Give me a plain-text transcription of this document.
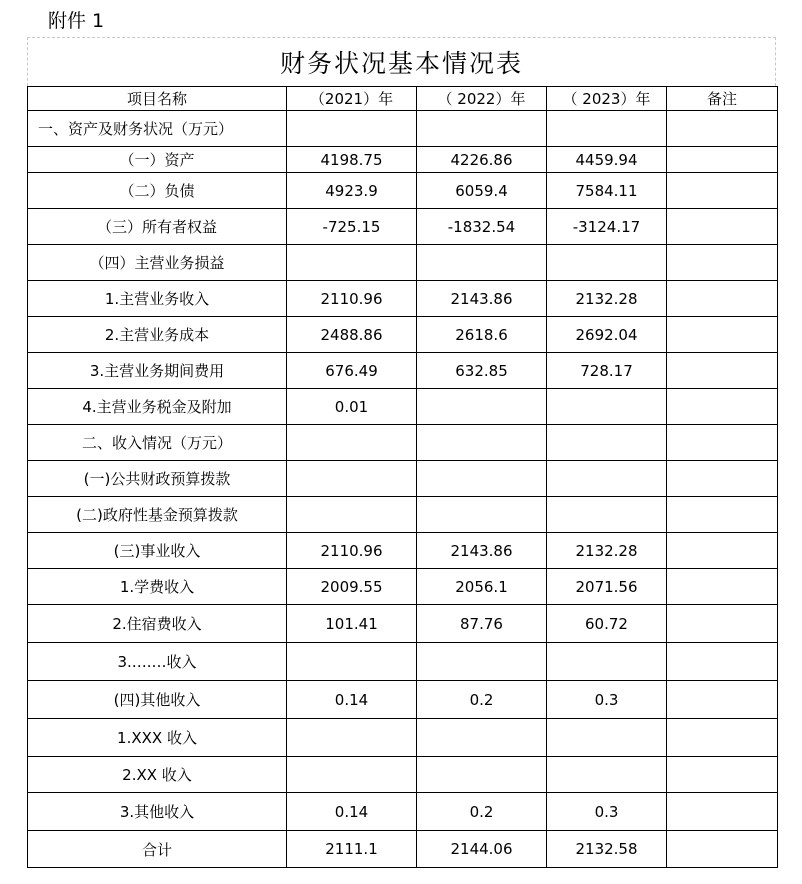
附件 1
财务状况基本情况表
项目名称	（2021）年	（ 2022）年	（ 2023）年	备注
一、资产及财务状况（万元）				
（一）资产	4198.75	4226.86	4459.94	
（二）负债	4923.9	6059.4	7584.11	
（三）所有者权益	-725.15	-1832.54	-3124.17	
（四）主营业务损益				
1.主营业务收入	2110.96	2143.86	2132.28	
2.主营业务成本	2488.86	2618.6	2692.04	
3.主营业务期间费用	676.49	632.85	728.17	
4.主营业务税金及附加	0.01			
二、收入情况（万元）				
(一)公共财政预算拨款				
(二)政府性基金预算拨款				
(三)事业收入	2110.96	2143.86	2132.28	
1.学费收入	2009.55	2056.1	2071.56	
2.住宿费收入	101.41	87.76	60.72	
3.….…收入				
(四)其他收入	0.14	0.2	0.3	
1.XXX 收入				
2.XX 收入				
3.其他收入	0.14	0.2	0.3	
合计	2111.1	2144.06	2132.58	
